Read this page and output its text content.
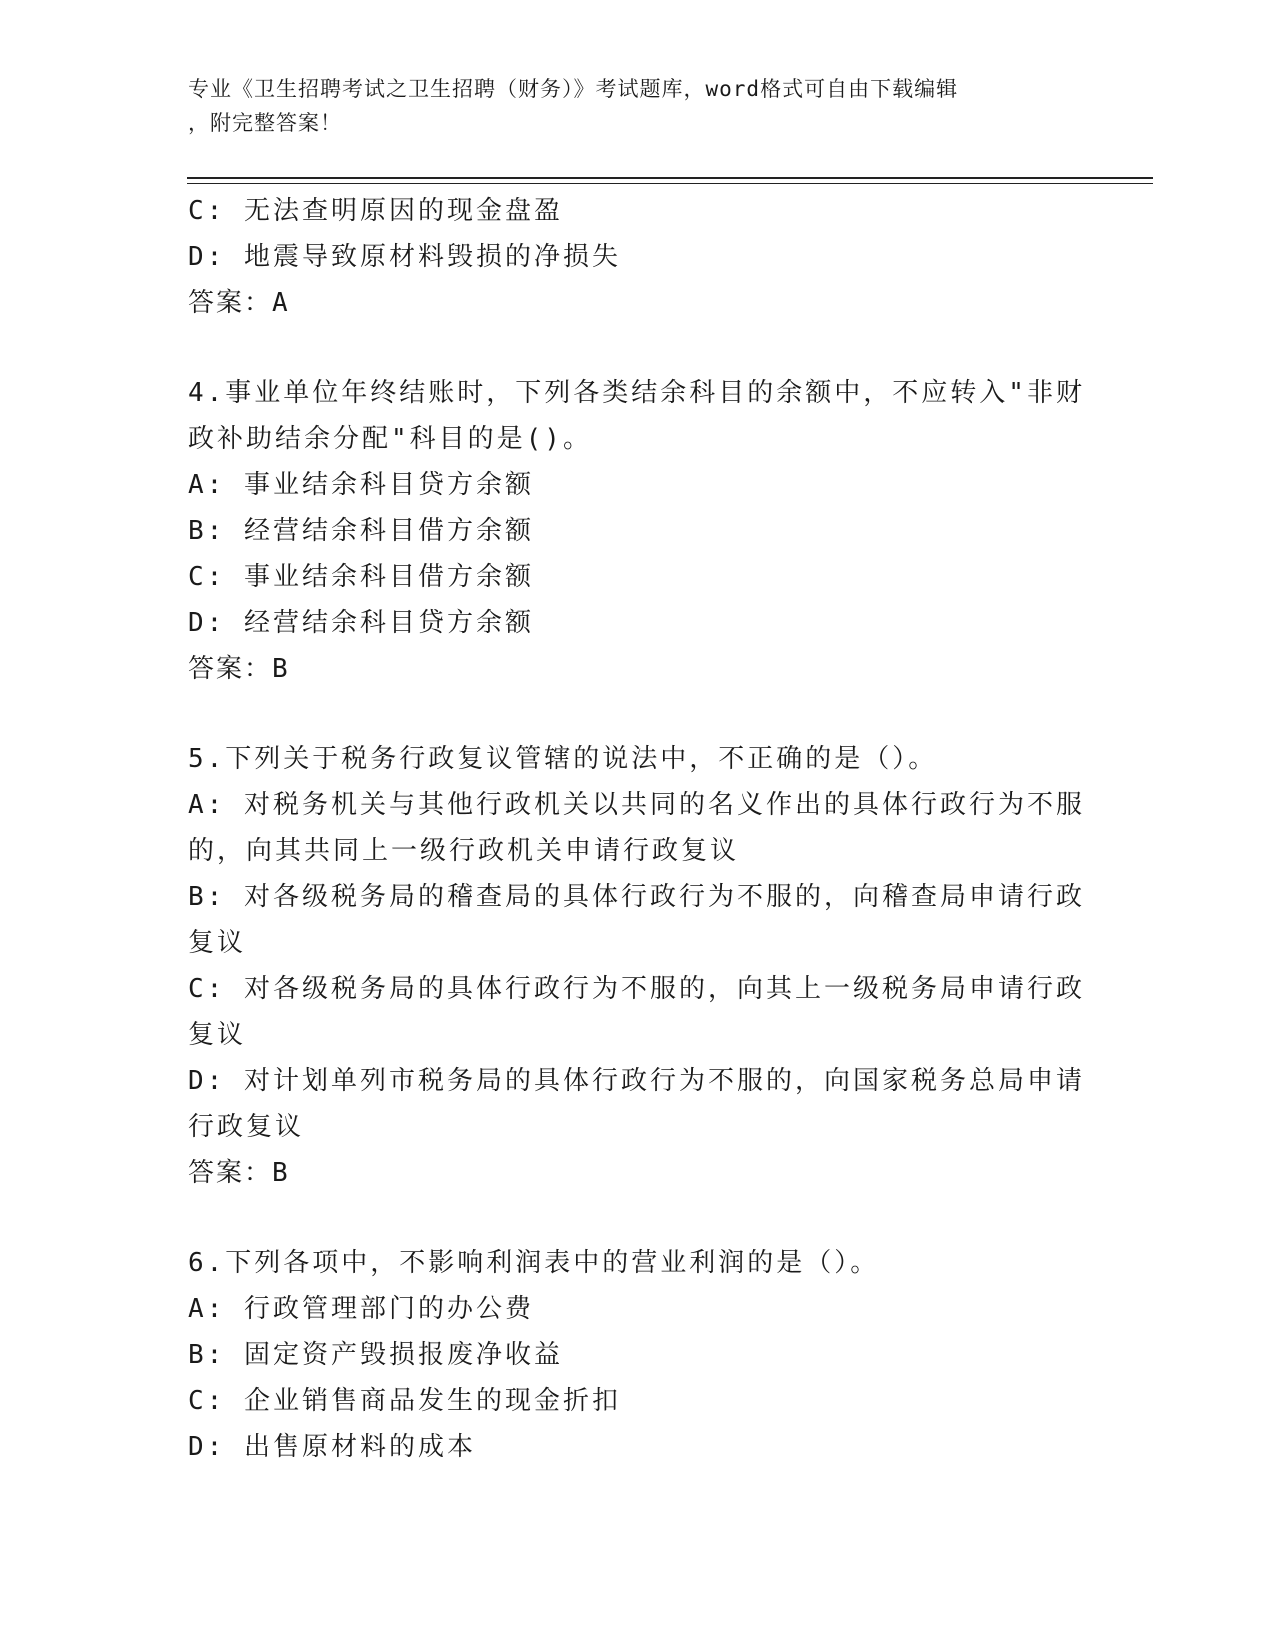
专业《卫生招聘考试之卫生招聘（财务）》考试题库，word格式可自由下载编辑
，附完整答案！
C: 无法查明原因的现金盘盈
D: 地震导致原材料毁损的净损失
答案：A
4.事业单位年终结账时，下列各类结余科目的余额中，不应转入"非财
政补助结余分配"科目的是()。
A: 事业结余科目贷方余额
B: 经营结余科目借方余额
C: 事业结余科目借方余额
D: 经营结余科目贷方余额
答案：B
5.下列关于税务行政复议管辖的说法中，不正确的是（）。
A: 对税务机关与其他行政机关以共同的名义作出的具体行政行为不服
的，向其共同上一级行政机关申请行政复议
B: 对各级税务局的稽查局的具体行政行为不服的，向稽查局申请行政
复议
C: 对各级税务局的具体行政行为不服的，向其上一级税务局申请行政
复议
D: 对计划单列市税务局的具体行政行为不服的，向国家税务总局申请
行政复议
答案：B
6.下列各项中，不影响利润表中的营业利润的是（）。
A: 行政管理部门的办公费
B: 固定资产毁损报废净收益
C: 企业销售商品发生的现金折扣
D: 出售原材料的成本
